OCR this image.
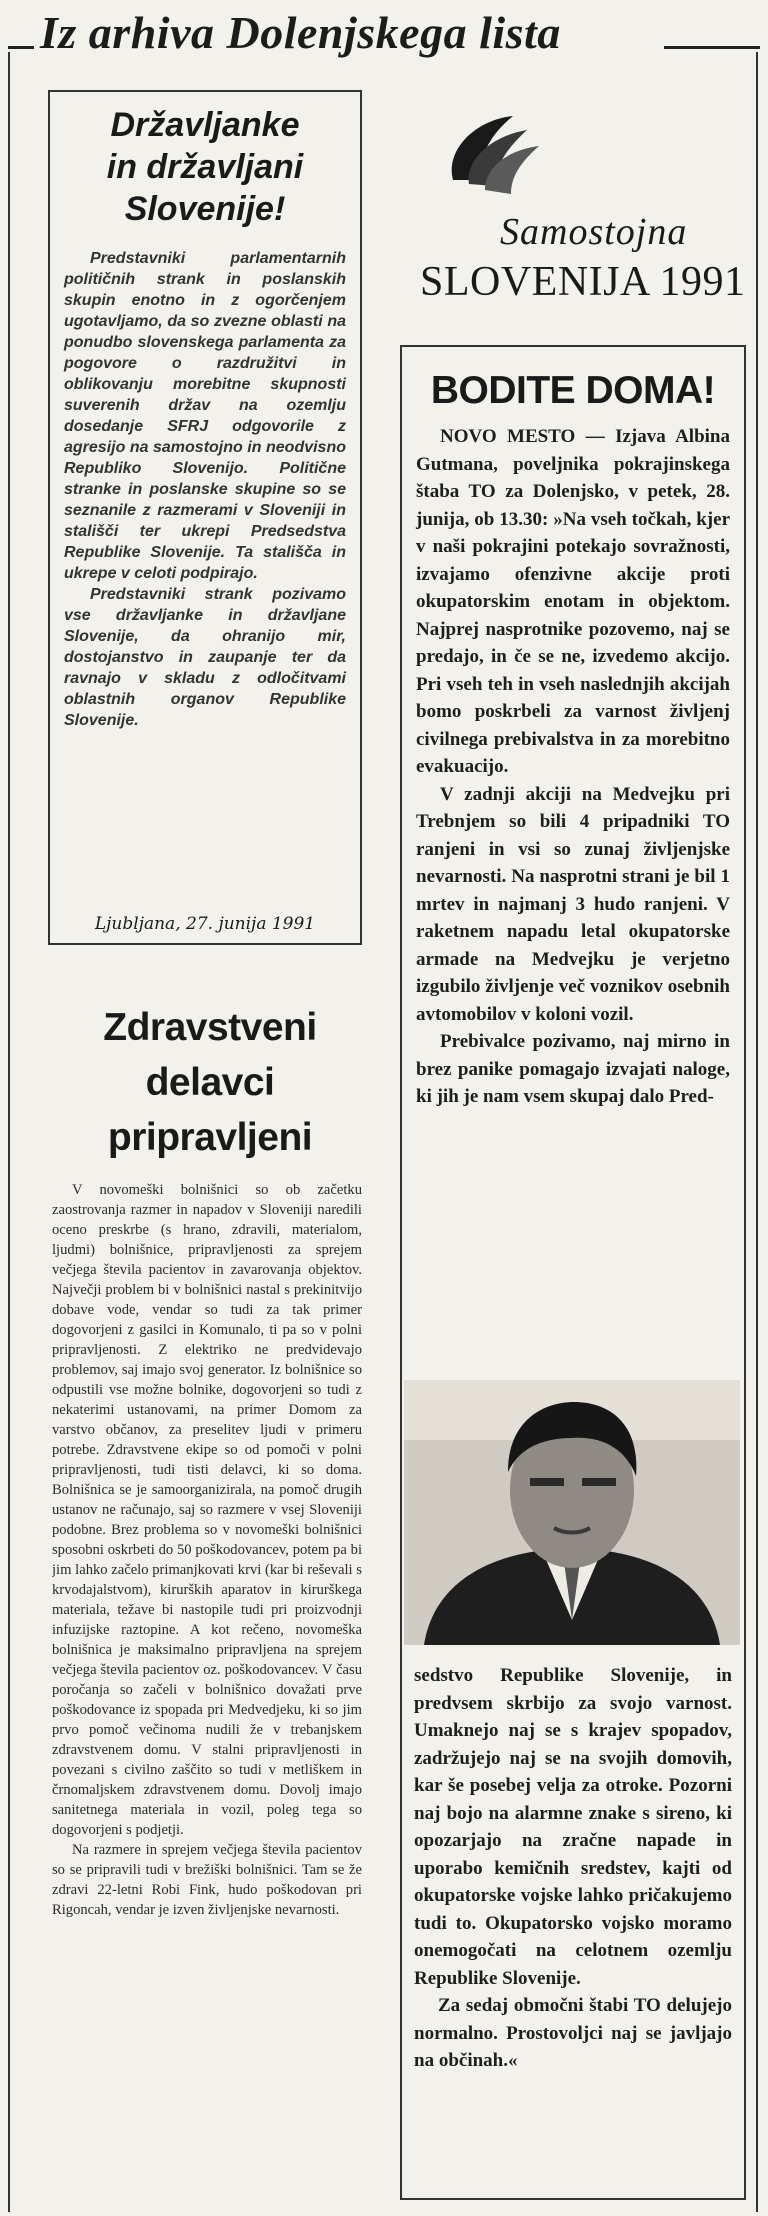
Iz arhiva Dolenjskega lista
Državljanke
in državljani
Slovenije!

Predstavniki parlamentarnih političnih strank in poslanskih skupin enotno in z ogorčenjem ugotavljamo, da so zvezne oblasti na ponudbo slovenskega parlamenta za pogovore o razdružitvi in oblikovanju morebitne skupnosti suverenih držav na ozemlju dosedanje SFRJ odgovorile z agresijo na samostojno in neodvisno Republiko Slovenijo. Politične stranke in poslanske skupine so se seznanile z razmerami v Sloveniji in stališči ter ukrepi Predsedstva Republike Slovenije. Ta stališča in ukrepe v celoti podpirajo.

Predstavniki strank pozivamo vse državljanke in državljane Slovenije, da ohranijo mir, dostojanstvo in zaupanje ter da ravnajo v skladu z odločitvami oblastnih organov Republike Slovenije.

Ljubljana, 27. junija 1991
Zdravstveni
delavci
pripravljeni

V novomeški bolnišnici so ob začetku zaostrovanja razmer in napadov v Sloveniji naredili oceno preskrbe (s hrano, zdravili, materialom, ljudmi) bolnišnice, pripravljenosti za sprejem večjega števila pacientov in zavarovanja objektov. Največji problem bi v bolnišnici nastal s prekinitvijo dobave vode, vendar so tudi za tak primer dogovorjeni z gasilci in Komunalo, ti pa so v polni pripravljenosti. Z elektriko ne predvidevajo problemov, saj imajo svoj generator. Iz bolnišnice so odpustili vse možne bolnike, dogovorjeni so tudi z nekaterimi ustanovami, na primer Domom za varstvo občanov, za preselitev ljudi v primeru potrebe. Zdravstvene ekipe so od pomoči v polni pripravljenosti, tudi tisti delavci, ki so doma. Bolnišnica se je samoorganizirala, na pomoč drugih ustanov ne računajo, saj so razmere v vsej Sloveniji podobne. Brez problema so v novomeški bolnišnici sposobni oskrbeti do 50 poškodovancev, potem pa bi jim lahko začelo primanjkovati krvi (kar bi reševali s krvodajalstvom), kirurških aparatov in kirurškega materiala, težave bi nastopile tudi pri proizvodnji infuzijske raztopine. A kot rečeno, novomeška bolnišnica je maksimalno pripravljena na sprejem večjega števila pacientov oz. poškodovancev. V času poročanja so začeli v bolnišnico dovažati prve poškodovance iz spopada pri Medvedjeku, ki so jim prvo pomoč večinoma nudili že v trebanjskem zdravstvenem domu. V stalni pripravljenosti in povezani s civilno zaščito so tudi v metliškem in črnomaljskem zdravstvenem domu. Dovolj imajo sanitetnega materiala in vozil, poleg tega so dogovorjeni s podjetji.

Na razmere in sprejem večjega števila pacientov so se pripravili tudi v brežiški bolnišnici. Tam se že zdravi 22-letni Robi Fink, hudo poškodovan pri Rigoncah, vendar je izven življenjske nevarnosti.

Samostojna
SLOVENIJA 1991
BODITE DOMA!

NOVO MESTO — Izjava Albina Gutmana, poveljnika pokrajinskega štaba TO za Dolenjsko, v petek, 28. junija, ob 13.30: »Na vseh točkah, kjer v naši pokrajini potekajo sovražnosti, izvajamo ofenzivne akcije proti okupatorskim enotam in objektom. Najprej nasprotnike pozovemo, naj se predajo, in če se ne, izvedemo akcijo. Pri vseh teh in vseh naslednjih akcijah bomo poskrbeli za varnost življenj civilnega prebivalstva in za morebitno evakuacijo.

V zadnji akciji na Medvejku pri Trebnjem so bili 4 pripadniki TO ranjeni in vsi so zunaj življenjske nevarnosti. Na nasprotni strani je bil 1 mrtev in najmanj 3 hudo ranjeni. V raketnem napadu letal okupatorske armade na Medvejku je verjetno izgubilo življenje več voznikov osebnih avtomobilov v koloni vozil.

Prebivalce pozivamo, naj mirno in brez panike pomagajo izvajati naloge, ki jih je nam vsem skupaj dalo Pred-

sedstvo Republike Slovenije, in predvsem skrbijo za svojo varnost. Umaknejo naj se s krajev spopadov, zadržujejo naj se na svojih domovih, kar še posebej velja za otroke. Pozorni naj bojo na alarmne znake s sireno, ki opozarjajo na zračne napade in uporabo kemičnih sredstev, kajti od okupatorske vojske lahko pričakujemo tudi to. Okupatorsko vojsko moramo onemogočati na celotnem ozemlju Republike Slovenije.

Za sedaj območni štabi TO delujejo normalno. Prostovoljci naj se javljajo na občinah.«
